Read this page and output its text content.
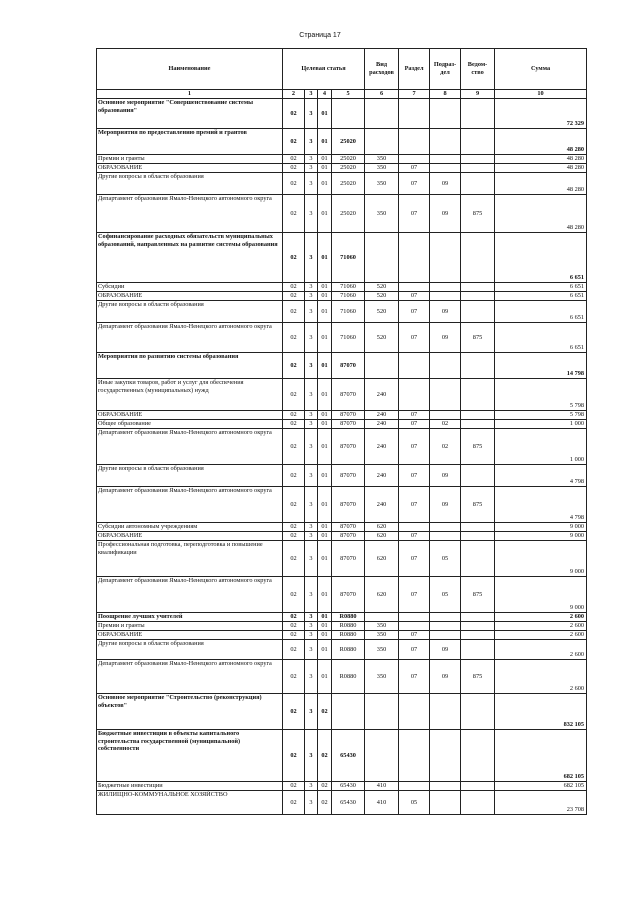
Страница 17
Наименование	Целевая статья				Вид расходов	Раздел	Подраз-дел	Ведом-ство	Сумма
1	2	3	4	5	6	7	8	9	10
Основное мероприятие "Совершенствование системы образования"	02	3	01						72 329
Мероприятия по предоставлению премий и грантов	02	3	01	25020					48 280
Премии и гранты	02	3	01	25020	350				48 280
ОБРАЗОВАНИЕ	02	3	01	25020	350	07			48 280
Другие вопросы в области образования	02	3	01	25020	350	07	09		48 280
Департамент образования Ямало-Ненецкого автономного округа	02	3	01	25020	350	07	09	875	48 280
Софинансирование расходных обязательств муниципальных образований, направленных на развитие системы образования	02	3	01	71060					6 651
Субсидии	02	3	01	71060	520				6 651
ОБРАЗОВАНИЕ	02	3	01	71060	520	07			6 651
Другие вопросы в области образования	02	3	01	71060	520	07	09		6 651
Департамент образования Ямало-Ненецкого автономного округа	02	3	01	71060	520	07	09	875	6 651
Мероприятия по развитию системы образования	02	3	01	87070					14 798
Иные закупки товаров, работ и услуг для обеспечения государственных (муниципальных) нужд	02	3	01	87070	240				5 798
ОБРАЗОВАНИЕ	02	3	01	87070	240	07			5 798
Общее образование	02	3	01	87070	240	07	02		1 000
Департамент образования Ямало-Ненецкого автономного округа	02	3	01	87070	240	07	02	875	1 000
Другие вопросы в области образования	02	3	01	87070	240	07	09		4 798
Департамент образования Ямало-Ненецкого автономного округа	02	3	01	87070	240	07	09	875	4 798
Субсидии автономным учреждениям	02	3	01	87070	620				9 000
ОБРАЗОВАНИЕ	02	3	01	87070	620	07			9 000
Профессиональная подготовка, переподготовка и повышение квалификации	02	3	01	87070	620	07	05		9 000
Департамент образования Ямало-Ненецкого автономного округа	02	3	01	87070	620	07	05	875	9 000
Поощрение лучших учителей	02	3	01	R0880					2 600
Премии и гранты	02	3	01	R0880	350				2 600
ОБРАЗОВАНИЕ	02	3	01	R0880	350	07			2 600
Другие вопросы в области образования	02	3	01	R0880	350	07	09		2 600
Департамент образования Ямало-Ненецкого автономного округа	02	3	01	R0880	350	07	09	875	2 600
Основное мероприятие "Строительство (реконструкция) объектов"	02	3	02						832 105
Бюджетные инвестиции в объекты капитального строительства государственной (муниципальной) собственности	02	3	02	65430					682 105
Бюджетные инвестиции	02	3	02	65430	410				682 105
ЖИЛИЩНО-КОММУНАЛЬНОЕ ХОЗЯЙСТВО	02	3	02	65430	410	05			23 708
